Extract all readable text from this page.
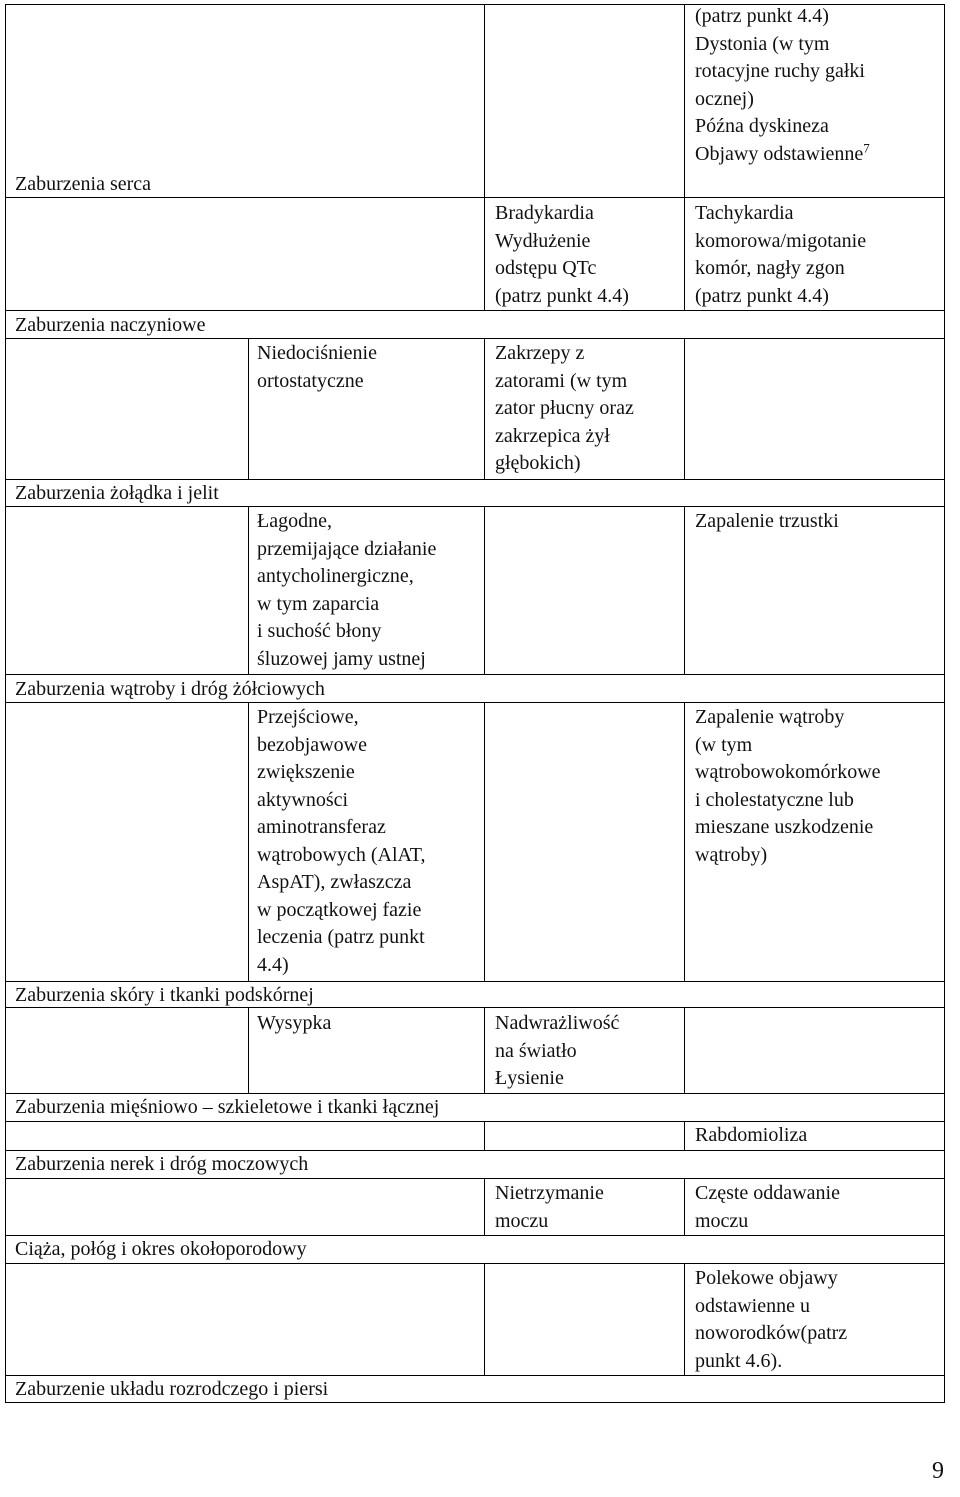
(patrz punkt 4.4)
Dystonia (w tym
rotacyjne ruchy gałki
ocznej)
Późna dyskineza
Objawy odstawienne$^7$
Zaburzenia serca
Bradykardia
Wydłużenie
odstępu QTc
(patrz punkt 4.4)
Tachykardia
komorowa/migotanie
komór, nagły zgon
(patrz punkt 4.4)
Zaburzenia naczyniowe
Niedociśnienie
ortostatyczne
Zakrzepy z
zatorami (w tym
zator płucny oraz
zakrzepica żył
głębokich)
Zaburzenia żołądka i jelit
Łagodne,
przemijające działanie
antycholinergiczne,
w tym zaparcia
i suchość błony
śluzowej jamy ustnej
Zapalenie trzustki
Zaburzenia wątroby i dróg żółciowych
Przejściowe,
bezobjawowe
zwiększenie
aktywności
aminotransferaz
wątrobowych (AlAT,
AspAT), zwłaszcza
w początkowej fazie
leczenia (patrz punkt
4.4)
Zapalenie wątroby
(w tym
wątrobowokomórkowe
i cholestatyczne lub
mieszane uszkodzenie
wątroby)
Zaburzenia skóry i tkanki podskórnej
Wysypka	Nadwrażliwość
na światło
Łysienie
Zaburzenia mięśniowo – szkieletowe i tkanki łącznej
Rabdomioliza
Zaburzenia nerek i dróg moczowych
Nietrzymanie
moczu
Częste oddawanie
moczu
Ciąża, połóg i okres okołoporodowy
Polekowe objawy
odstawienne u
noworodków(patrz
punkt 4.6).
Zaburzenie układu rozrodczego i piersi
9
